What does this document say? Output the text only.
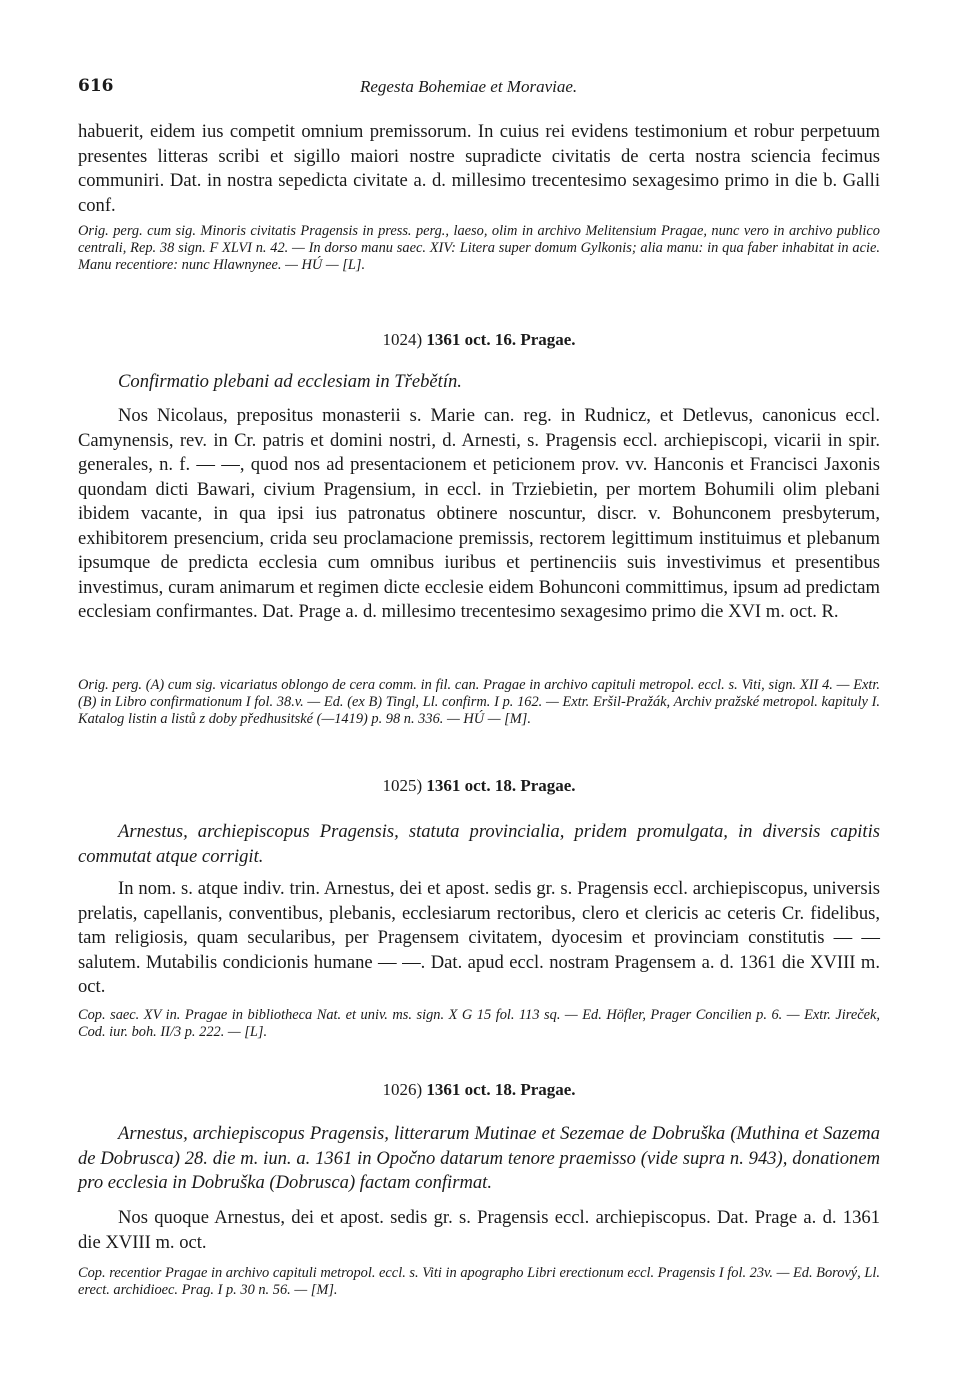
616	Regesta Bohemiae et Moraviae.

habuerit, eidem ius competit omnium premissorum. In cuius rei evidens testimonium et robur perpetuum presentes litteras scribi et sigillo maiori nostre supradicte civitatis de certa nostra sciencia fecimus communiri. Dat. in nostra sepedicta civitate a. d. millesimo trecentesimo sexagesimo primo in die b. Galli conf.

Orig. perg. cum sig. Minoris civitatis Pragensis in press. perg., laeso, olim in archivo Melitensium Pragae, nunc vero in archivo publico centrali, Rep. 38 sign. F XLVI n. 42. — In dorso manu saec. XIV: Litera super domum Gylkonis; alia manu: in qua faber inhabitat in acie. Manu recentiore: nunc Hlawnynee. — HÚ — [L].

1024) 1361 oct. 16. Pragae.

Confirmatio plebani ad ecclesiam in Třebětín.

Nos Nicolaus, prepositus monasterii s. Marie can. reg. in Rudnicz, et Detlevus, canonicus eccl. Camynensis, rev. in Cr. patris et domini nostri, d. Arnesti, s. Pragensis eccl. archiepiscopi, vicarii in spir. generales, n. f. — —, quod nos ad presentacionem et peticionem prov. vv. Hanconis et Francisci Jaxonis quondam dicti Bawari, civium Pragensium, in eccl. in Trziebietin, per mortem Bohumili olim plebani ibidem vacante, in qua ipsi ius patronatus obtinere noscuntur, discr. v. Bohunconem presbyterum, exhibitorem presencium, crida seu proclamacione premissis, rectorem legittimum instituimus et plebanum ipsumque de predicta ecclesia cum omnibus iuribus et pertinenciis suis investivimus et presentibus investimus, curam animarum et regimen dicte ecclesie eidem Bohunconi committimus, ipsum ad predictam ecclesiam confirmantes. Dat. Prage a. d. millesimo trecentesimo sexagesimo primo die XVI m. oct. R.

Orig. perg. (A) cum sig. vicariatus oblongo de cera comm. in fil. can. Pragae in archivo capituli metropol. eccl. s. Viti, sign. XII 4. — Extr. (B) in Libro confirmationum I fol. 38.v. — Ed. (ex B) Tingl, Ll. confirm. I p. 162. — Extr. Eršil-Pražák, Archiv pražské metropol. kapituly I. Katalog listin a listů z doby předhusitské (—1419) p. 98 n. 336. — HÚ — [M].

1025) 1361 oct. 18. Pragae.

Arnestus, archiepiscopus Pragensis, statuta provincialia, pridem promulgata, in diversis capitis commutat atque corrigit.

In nom. s. atque indiv. trin. Arnestus, dei et apost. sedis gr. s. Pragensis eccl. archiepiscopus, universis prelatis, capellanis, conventibus, plebanis, ecclesiarum rectoribus, clero et clericis ac ceteris Cr. fidelibus, tam religiosis, quam secularibus, per Pragensem civitatem, dyocesim et provinciam constitutis — — salutem. Mutabilis condicionis humane — —. Dat. apud eccl. nostram Pragensem a. d. 1361 die XVIII m. oct.

Cop. saec. XV in. Pragae in bibliotheca Nat. et univ. ms. sign. X G 15 fol. 113 sq. — Ed. Höfler, Prager Concilien p. 6. — Extr. Jireček, Cod. iur. boh. II/3 p. 222. — [L].

1026) 1361 oct. 18. Pragae.

Arnestus, archiepiscopus Pragensis, litterarum Mutinae et Sezemae de Dobruška (Muthina et Sazema de Dobrusca) 28. die m. iun. a. 1361 in Opočno datarum tenore praemisso (vide supra n. 943), donationem pro ecclesia in Dobruška (Dobrusca) factam confirmat.

Nos quoque Arnestus, dei et apost. sedis gr. s. Pragensis eccl. archiepiscopus. Dat. Prage a. d. 1361 die XVIII m. oct.

Cop. recentior Pragae in archivo capituli metropol. eccl. s. Viti in apographo Libri erectionum eccl. Pragensis I fol. 23v. — Ed. Borový, Ll. erect. archidioec. Prag. I p. 30 n. 56. — [M].
